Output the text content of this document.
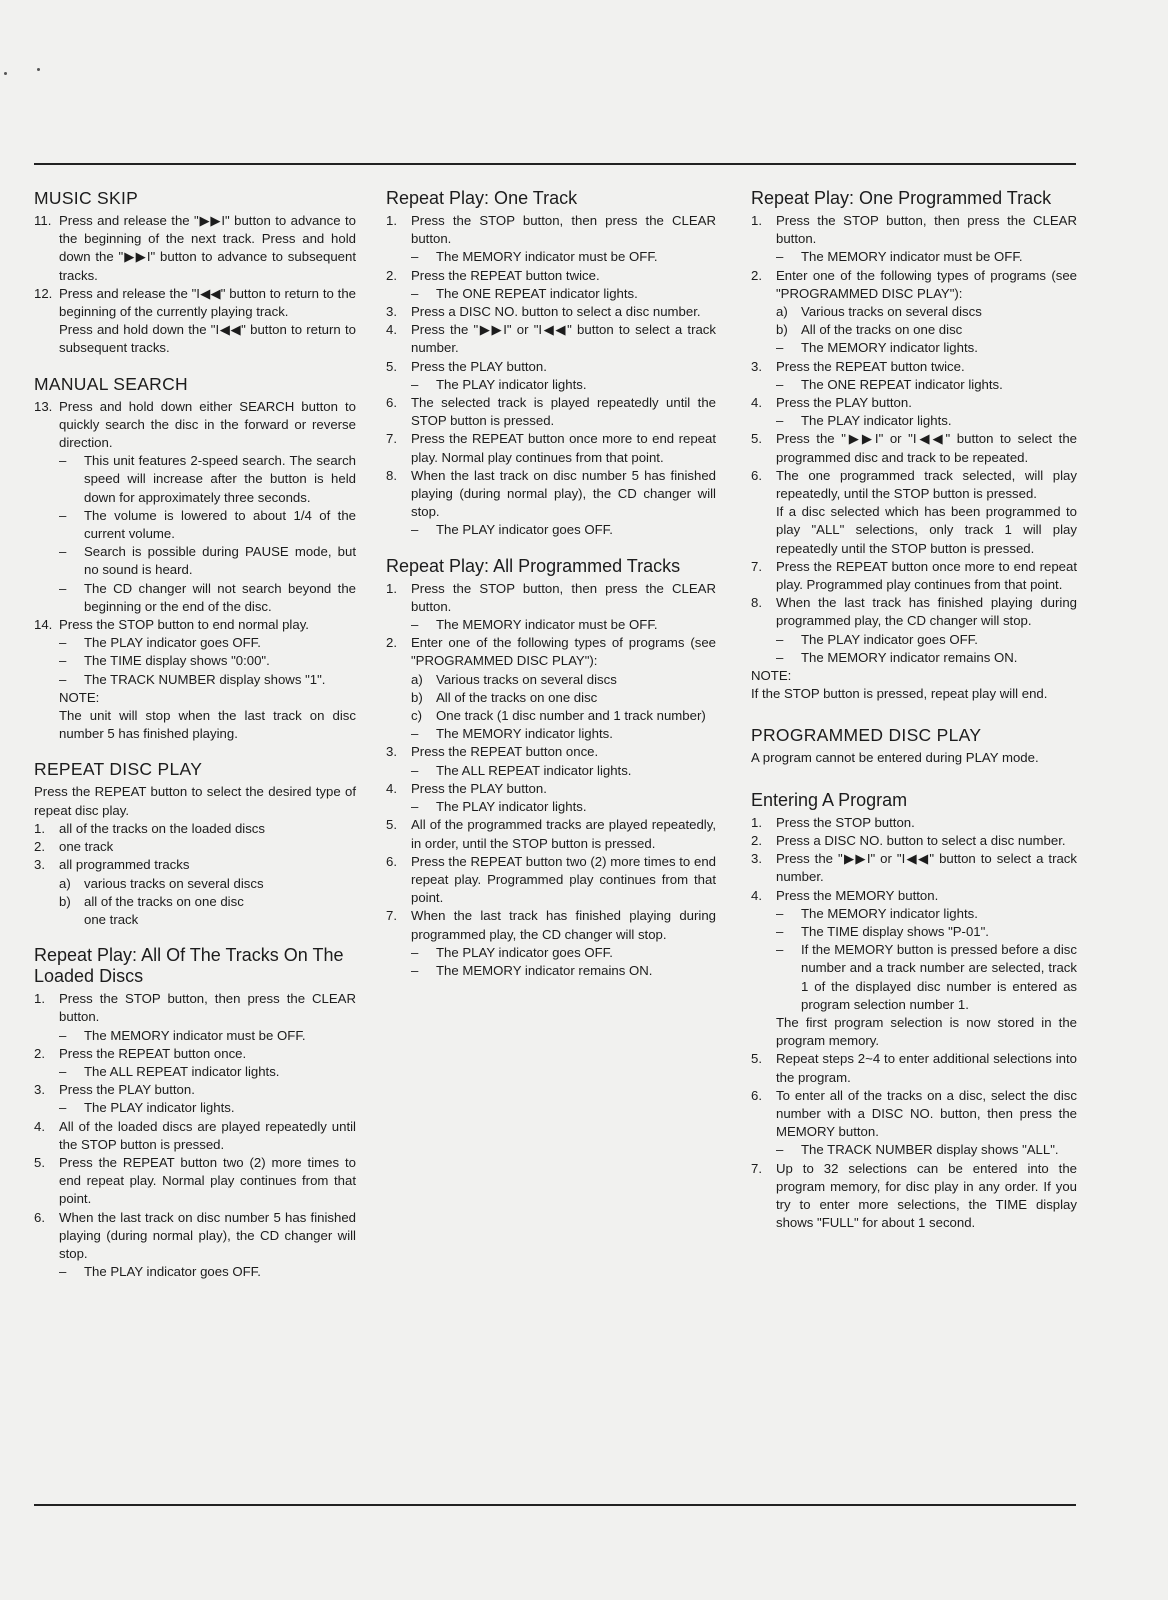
MUSIC SKIP
11. Press and release the "▶▶I" button to advance to the beginning of the next track. Press and hold down the "▶▶I" button to advance to subsequent tracks.
12. Press and release the "I◀◀" button to return to the beginning of the currently playing track.
Press and hold down the "I◀◀" button to return to subsequent tracks.
MANUAL SEARCH
13. Press and hold down either SEARCH button to quickly search the disc in the forward or reverse direction.
–	This unit features 2-speed search. The search speed will increase after the button is held down for approximately three seconds.
–	The volume is lowered to about 1/4 of the current volume.
–	Search is possible during PAUSE mode, but no sound is heard.
–	The CD changer will not search beyond the beginning or the end of the disc.
14. Press the STOP button to end normal play.
–	The PLAY indicator goes OFF.
–	The TIME display shows "0:00".
–	The TRACK NUMBER display shows "1".
NOTE:
The unit will stop when the last track on disc number 5 has finished playing.
REPEAT DISC PLAY
Press the REPEAT button to select the desired type of repeat disc play.
1.	all of the tracks on the loaded discs
2.	one track
3.	all programmed tracks
a)	various tracks on several discs
b)	all of the tracks on one disc
one track
Repeat Play: All Of The Tracks On The Loaded Discs
1.	Press the STOP button, then press the CLEAR button.
–	The MEMORY indicator must be OFF.
2.	Press the REPEAT button once.
–	The ALL REPEAT indicator lights.
3.	Press the PLAY button.
–	The PLAY indicator lights.
4.	All of the loaded discs are played repeatedly until the STOP button is pressed.
5.	Press the REPEAT button two (2) more times to end repeat play. Normal play continues from that point.
6.	When the last track on disc number 5 has finished playing (during normal play), the CD changer will stop.
–	The PLAY indicator goes OFF.
Repeat Play: One Track
1.	Press the STOP button, then press the CLEAR button.
–	The MEMORY indicator must be OFF.
2.	Press the REPEAT button twice.
–	The ONE REPEAT indicator lights.
3.	Press a DISC NO. button to select a disc number.
4.	Press the "▶▶I" or "I◀◀" button to select a track number.
5.	Press the PLAY button.
–	The PLAY indicator lights.
6.	The selected track is played repeatedly until the STOP button is pressed.
7.	Press the REPEAT button once more to end repeat play. Normal play continues from that point.
8.	When the last track on disc number 5 has finished playing (during normal play), the CD changer will stop.
–	The PLAY indicator goes OFF.
Repeat Play: All Programmed Tracks
1.	Press the STOP button, then press the CLEAR button.
–	The MEMORY indicator must be OFF.
2.	Enter one of the following types of programs (see "PROGRAMMED DISC PLAY"):
a)	Various tracks on several discs
b)	All of the tracks on one disc
c)	One track (1 disc number and 1 track number)
–	The MEMORY indicator lights.
3.	Press the REPEAT button once.
–	The ALL REPEAT indicator lights.
4.	Press the PLAY button.
–	The PLAY indicator lights.
5.	All of the programmed tracks are played repeatedly, in order, until the STOP button is pressed.
6.	Press the REPEAT button two (2) more times to end repeat play. Programmed play continues from that point.
7.	When the last track has finished playing during programmed play, the CD changer will stop.
–	The PLAY indicator goes OFF.
–	The MEMORY indicator remains ON.
Repeat Play: One Programmed Track
1.	Press the STOP button, then press the CLEAR button.
–	The MEMORY indicator must be OFF.
2.	Enter one of the following types of programs (see "PROGRAMMED DISC PLAY"):
a)	Various tracks on several discs
b)	All of the tracks on one disc
–	The MEMORY indicator lights.
3.	Press the REPEAT button twice.
–	The ONE REPEAT indicator lights.
4.	Press the PLAY button.
–	The PLAY indicator lights.
5.	Press the "▶▶I" or "I◀◀" button to select the programmed disc and track to be repeated.
6.	The one programmed track selected, will play repeatedly, until the STOP button is pressed.
If a disc selected which has been programmed to play "ALL" selections, only track 1 will play repeatedly until the STOP button is pressed.
7.	Press the REPEAT button once more to end repeat play. Programmed play continues from that point.
8.	When the last track has finished playing during programmed play, the CD changer will stop.
–	The PLAY indicator goes OFF.
–	The MEMORY indicator remains ON.
NOTE:
If the STOP button is pressed, repeat play will end.
PROGRAMMED DISC PLAY
A program cannot be entered during PLAY mode.
Entering A Program
1.	Press the STOP button.
2.	Press a DISC NO. button to select a disc number.
3.	Press the "▶▶I" or "I◀◀" button to select a track number.
4.	Press the MEMORY button.
–	The MEMORY indicator lights.
–	The TIME display shows "P-01".
–	If the MEMORY button is pressed before a disc number and a track number are selected, track 1 of the displayed disc number is entered as program selection number 1.
The first program selection is now stored in the program memory.
5.	Repeat steps 2~4 to enter additional selections into the program.
6.	To enter all of the tracks on a disc, select the disc number with a DISC NO. button, then press the MEMORY button.
–	The TRACK NUMBER display shows "ALL".
7.	Up to 32 selections can be entered into the program memory, for disc play in any order. If you try to enter more selections, the TIME display shows "FULL" for about 1 second.
